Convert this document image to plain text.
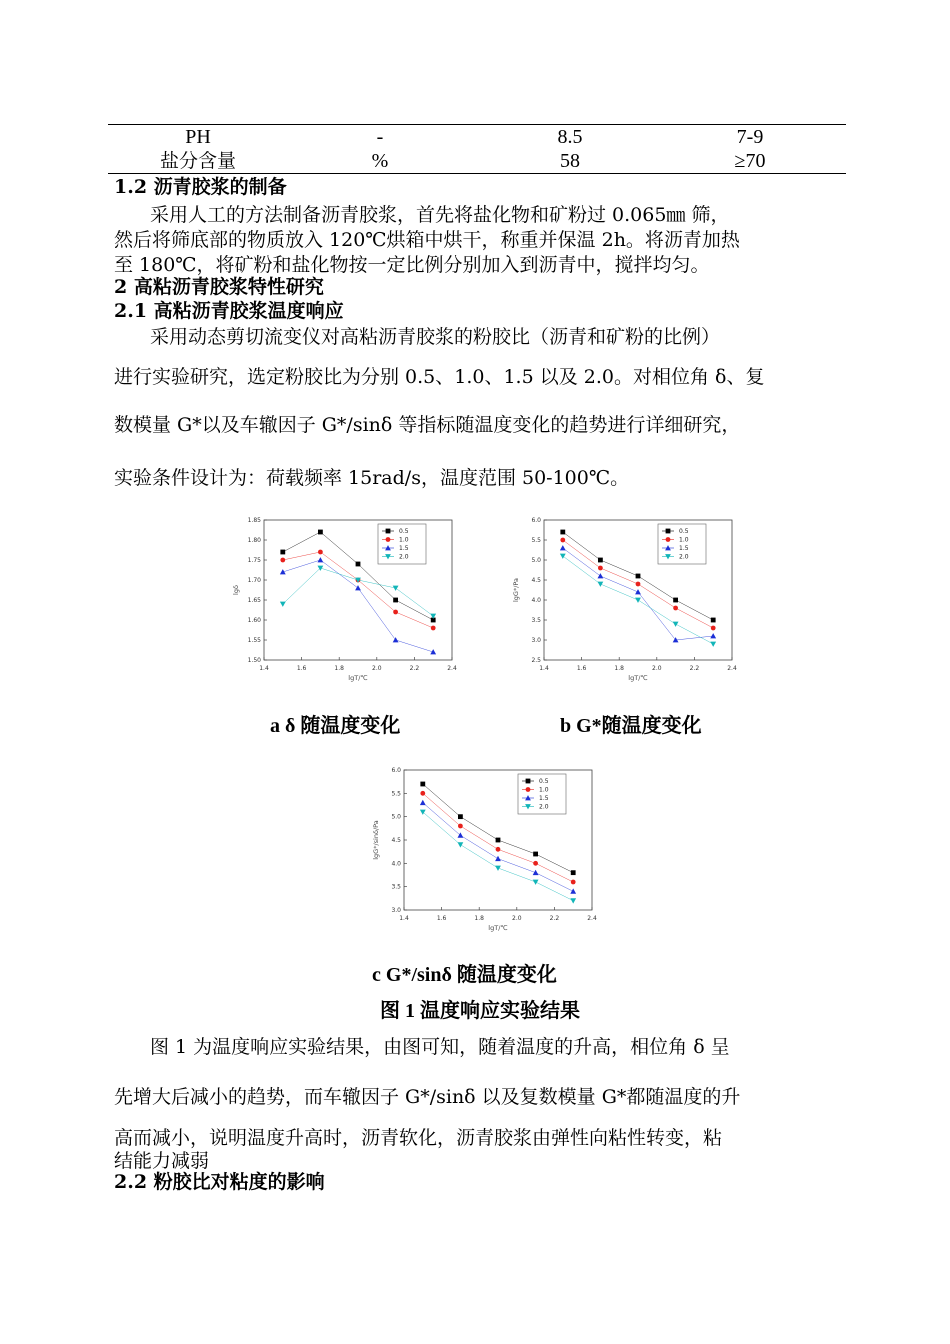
PH	-	8.5	7-9
盐分含量	%	58	≥70
1.2 沥青胶浆的制备
采用人工的方法制备沥青胶浆，首先将盐化物和矿粉过 0.065㎜ 筛，
然后将筛底部的物质放入 120℃烘箱中烘干，称重并保温 2h。将沥青加热
至 180℃，将矿粉和盐化物按一定比例分别加入到沥青中，搅拌均匀。
2 高粘沥青胶浆特性研究
2.1 高粘沥青胶浆温度响应
采用动态剪切流变仪对高粘沥青胶浆的粉胶比（沥青和矿粉的比例）
进行实验研究，选定粉胶比为分别 0.5、1.0、1.5 以及 2.0。对相位角 δ、复
数模量 G*以及车辙因子 G*/sinδ 等指标随温度变化的趋势进行详细研究，
实验条件设计为：荷载频率 15rad/s，温度范围 50-100℃。
1.4	1.6	1.8	2.0	2.2	2.4
1.50
1.55
1.60
1.65
1.70
1.75
1.80
1.85
lgT/℃
lgδ
0.5
1.0
1.5
2.0
1.4	1.6	1.8	2.0	2.2	2.4
2.5
3.0
3.5
4.0
4.5
5.0
5.5
6.0
lgT/℃
lgG*/Pa
0.5
1.0
1.5
2.0
1.4	1.6	1.8	2.0	2.2	2.4
3.0
3.5
4.0
4.5
5.0
5.5
6.0
lgT/℃
lgG*/sinδ/Pa
0.5
1.0
1.5
2.0
a δ 随温度变化	b G*随温度变化
c G*/sinδ 随温度变化
图 1 温度响应实验结果
图 1 为温度响应实验结果，由图可知，随着温度的升高，相位角 δ 呈
先增大后减小的趋势，而车辙因子 G*/sinδ 以及复数模量 G*都随温度的升
高而减小，说明温度升高时，沥青软化，沥青胶浆由弹性向粘性转变，粘
结能力减弱
2.2 粉胶比对粘度的影响
